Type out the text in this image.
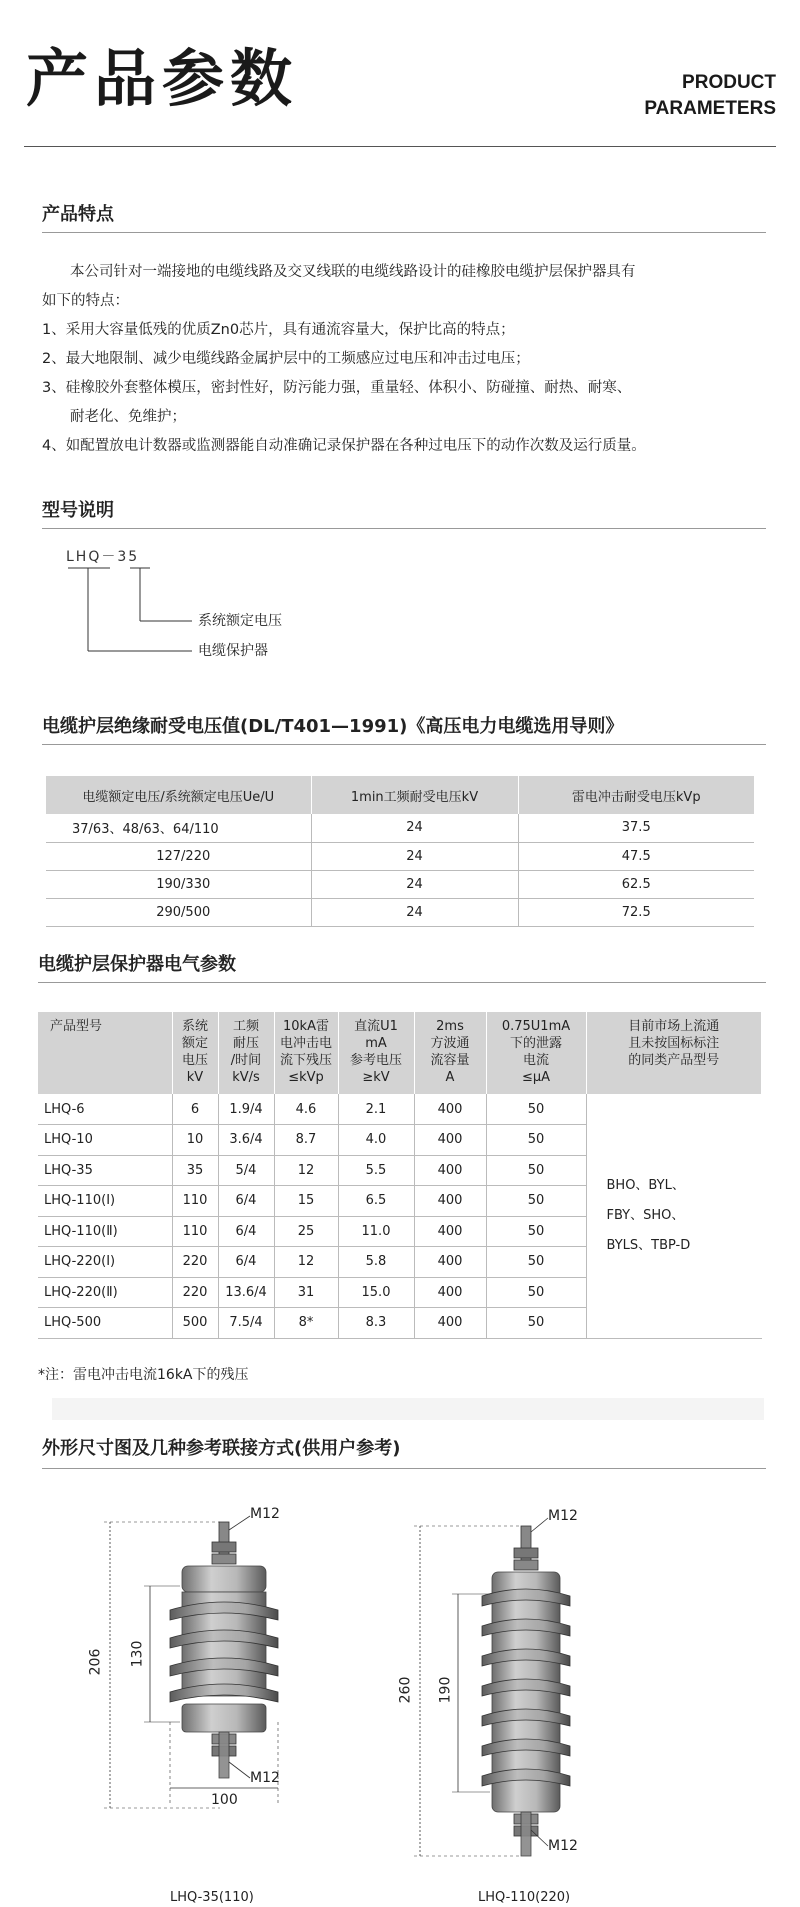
产品参数	PRODUCT
PARAMETERS
产品特点

本公司针对一端接地的电缆线路及交叉线联的电缆线路设计的硅橡胶电缆护层保护器具有

如下的特点：

1、采用大容量低残的优质Zn0芯片，具有通流容量大，保护比高的特点；

2、最大地限制、减少电缆线路金属护层中的工频感应过电压和冲击过电压；

3、硅橡胶外套整体模压，密封性好，防污能力强，重量轻、体积小、防碰撞、耐热、耐寒、

耐老化、免维护；

4、如配置放电计数器或监测器能自动准确记录保护器在各种过电压下的动作次数及运行质量。

型号说明
LHQ－35
系统额定电压
电缆保护器
电缆护层绝缘耐受电压值(DL/T401—1991)《高压电力电缆选用导则》
电缆额定电压/系统额定电压Ue/U	1min工频耐受电压kV	雷电冲击耐受电压kVp
37/63、48/63、64/110	24	37.5
127/220	24	47.5
190/330	24	62.5
290/500	24	72.5
电缆护层保护器电气参数
产品型号	系统
额定
电压
kV	工频
耐压
/时间
kV/s	10kA雷
电冲击电
流下残压
≤kVp	直流U1
mA
参考电压
≥kV	2ms
方波通
流容量
A	0.75U1mA
下的泄露
电流
≤μA	目前市场上流通
且未按国标标注
的同类产品型号
LHQ-6	6	1.9/4	4.6	2.1	400	50	BHO、BYL、
FBY、SHO、
BYLS、TBP-D

LHQ-10	10	3.6/4	8.7	4.0	400	50	
LHQ-35	35	5/4	12	5.5	400	50	
LHQ-110(Ⅰ)	110	6/4	15	6.5	400	50	
LHQ-110(Ⅱ)	110	6/4	25	11.0	400	50	
LHQ-220(Ⅰ)	220	6/4	12	5.8	400	50	
LHQ-220(Ⅱ)	220	13.6/4	31	15.0	400	50	
LHQ-500	500	7.5/4	8*	8.3	400	50	
*注：雷电冲击电流16kA下的残压
外形尺寸图及几种参考联接方式(供用户参考)
M12
M12
206 130
100
LHQ-35(110)
M12
M12
260 190
LHQ-110(220)
